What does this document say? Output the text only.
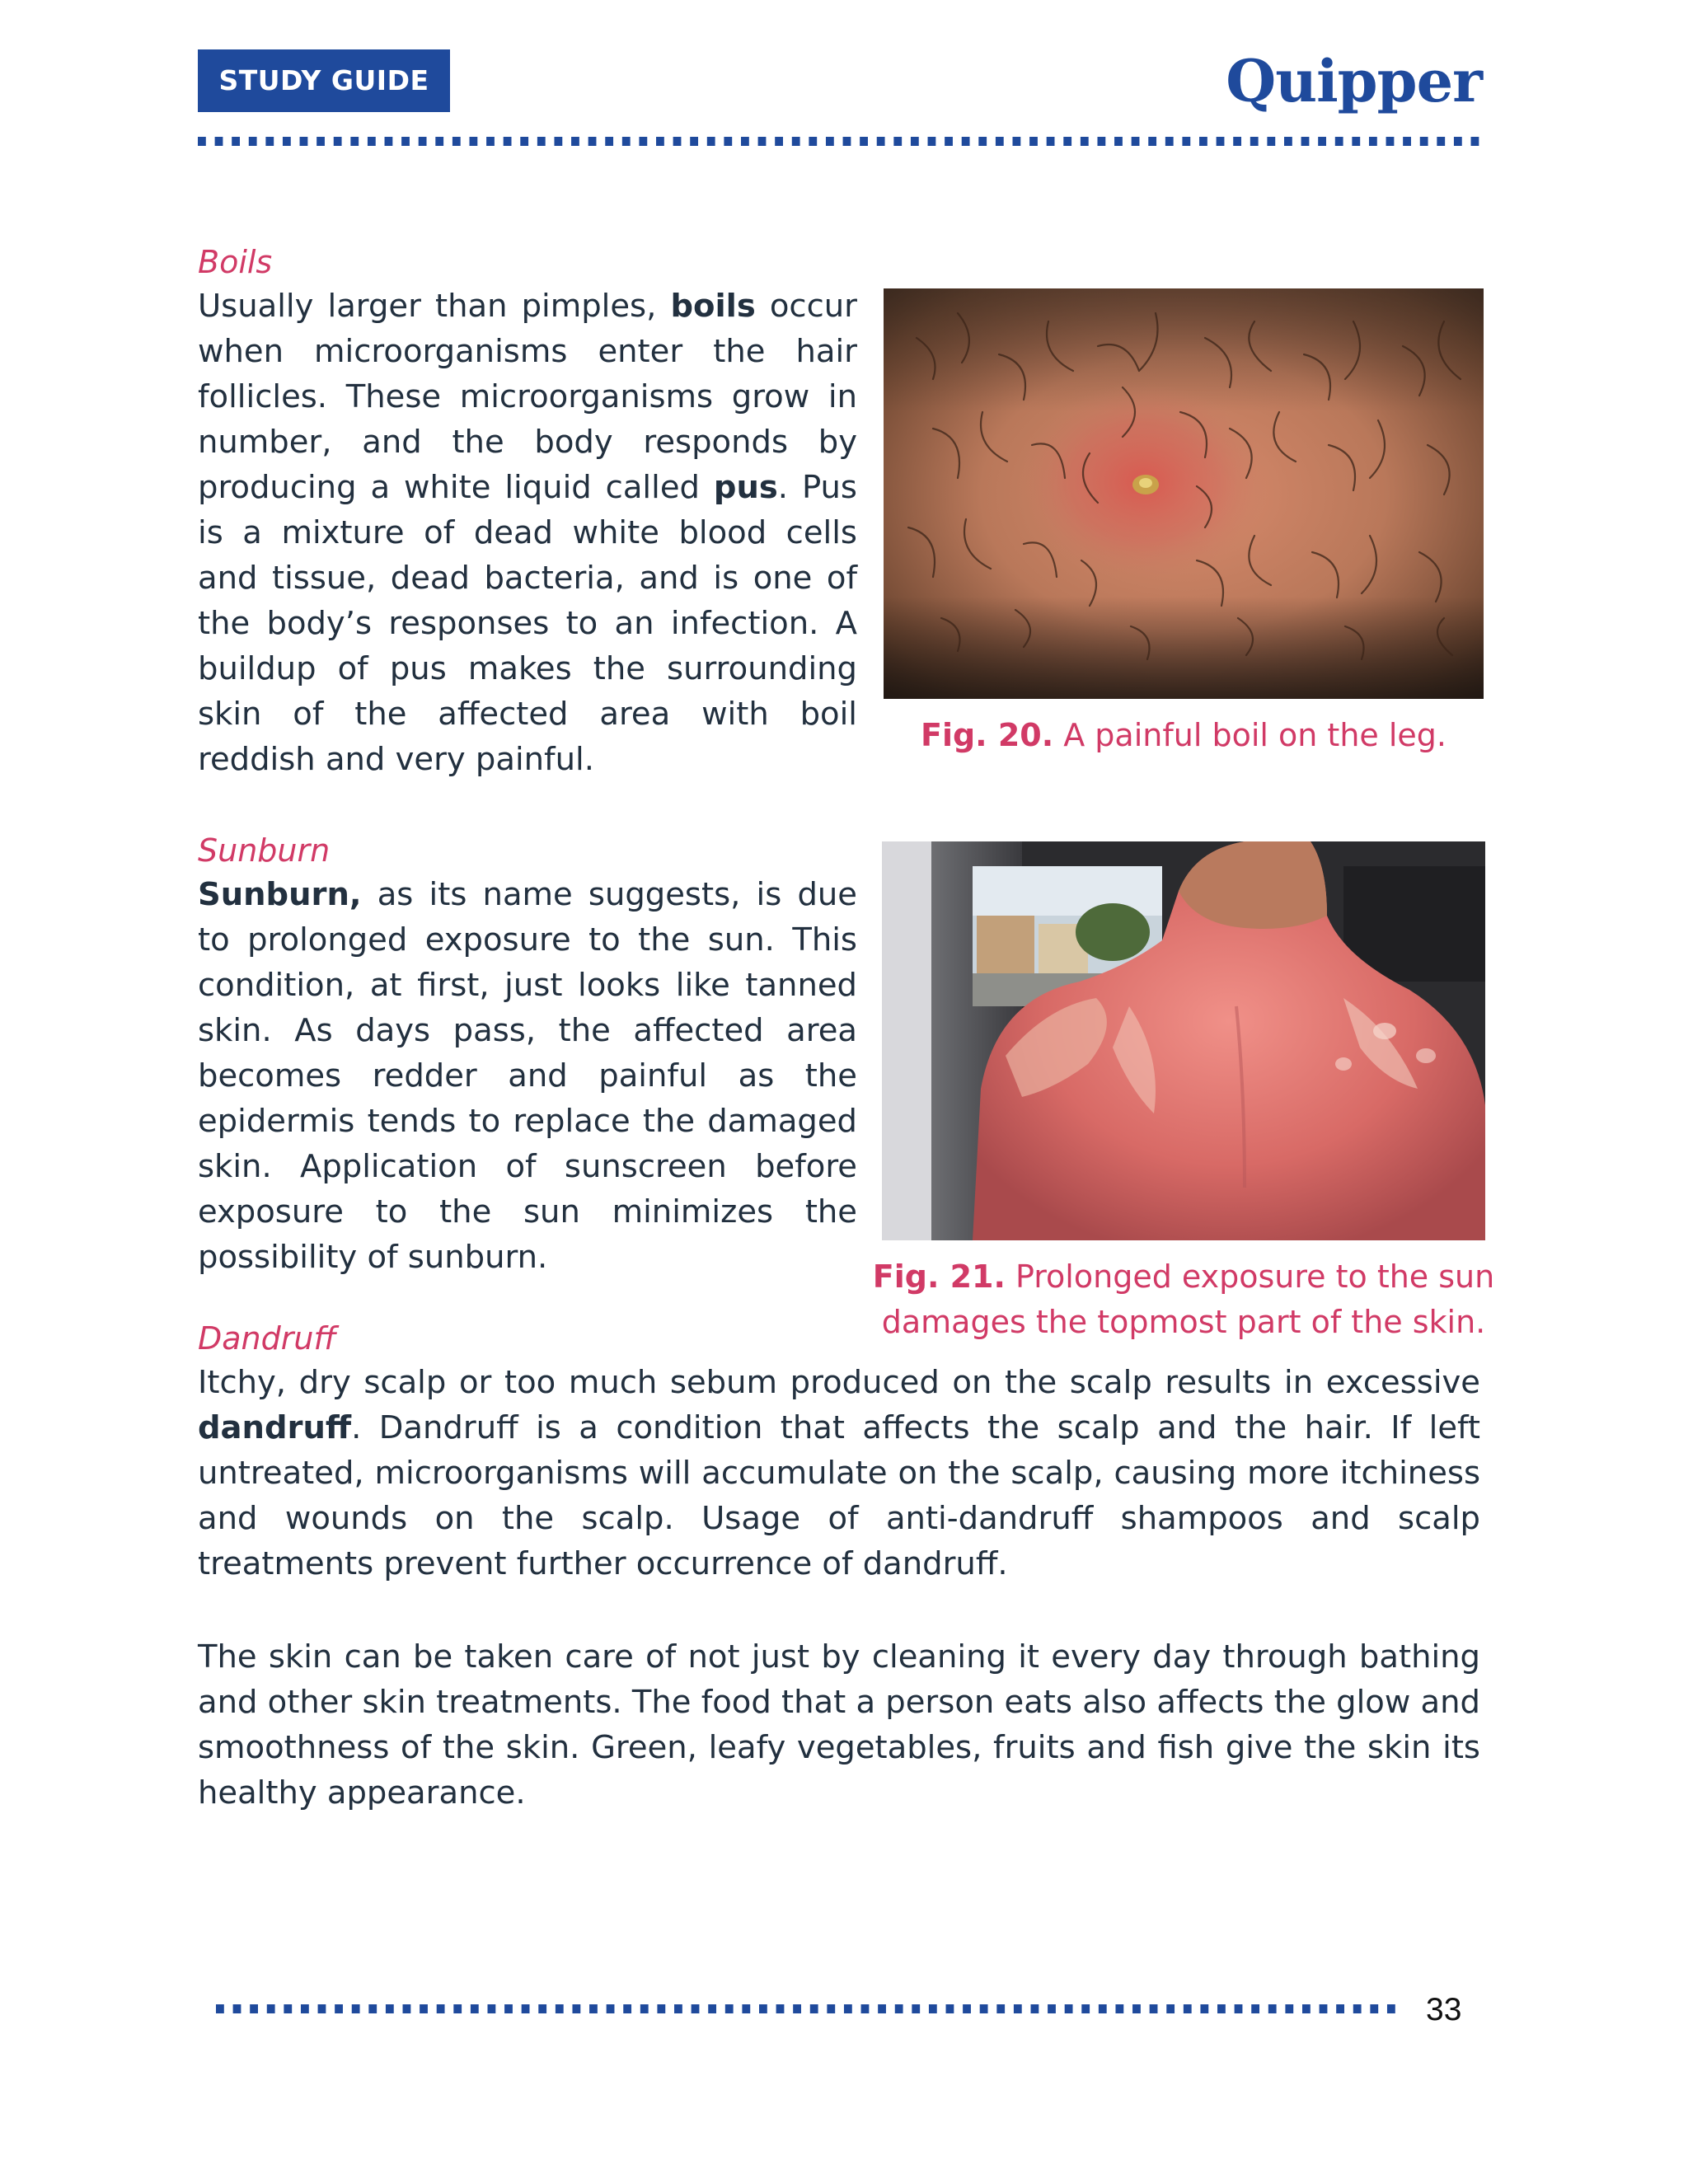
STUDY GUIDE	Quipper

Boils

Usually larger than pimples, boils occur when microorganisms enter the hair follicles. These microorganisms grow in number, and the body responds by producing a white liquid called pus. Pus is a mixture of dead white blood cells and tissue, dead bacteria, and is one of the body’s responses to an infection. A buildup of pus makes the surrounding skin of the affected area with boil reddish and very painful.

Fig. 20. A painful boil on the leg.

Sunburn

Sunburn, as its name suggests, is due to prolonged exposure to the sun. This condition, at first, just looks like tanned skin. As days pass, the affected area becomes redder and painful as the epidermis tends to replace the damaged skin. Application of sunscreen before exposure to the sun minimizes the possibility of sunburn.

Fig. 21. Prolonged exposure to the sun damages the topmost part of the skin.

Dandruff

Itchy, dry scalp or too much sebum produced on the scalp results in excessive dandruff. Dandruff is a condition that affects the scalp and the hair. If left untreated, microorganisms will accumulate on the scalp, causing more itchiness and wounds on the scalp. Usage of anti-dandruff shampoos and scalp treatments prevent further occurrence of dandruff.

The skin can be taken care of not just by cleaning it every day through bathing and other skin treatments. The food that a person eats also affects the glow and smoothness of the skin. Green, leafy vegetables, fruits and fish give the skin its healthy appearance.

33
